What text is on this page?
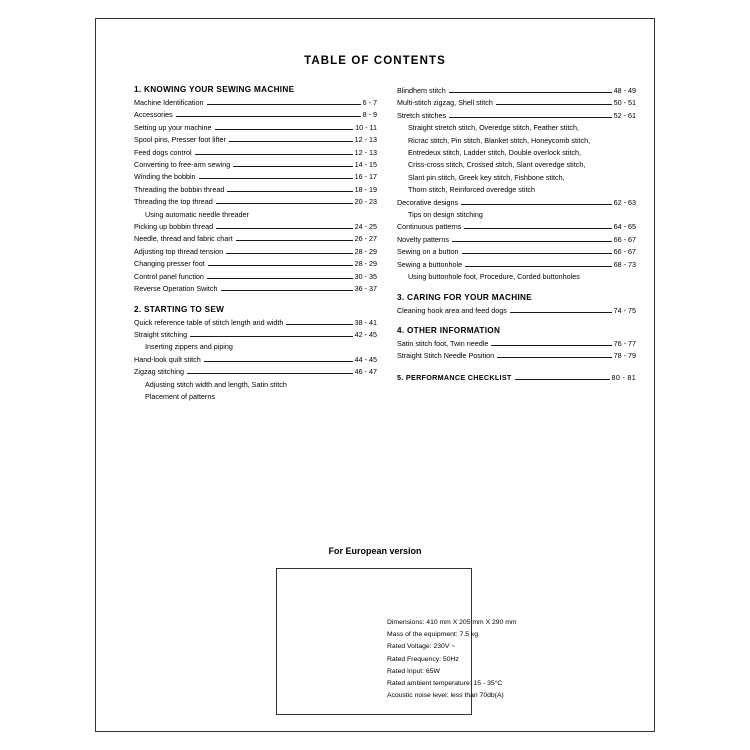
TABLE OF CONTENTS
1. KNOWING YOUR SEWING MACHINE
Machine Identification	6 - 7
Accessories	8 - 9
Setting up your machine	10 - 11
Spool pins, Presser foot lifter	12 - 13
Feed dogs control	12 - 13
Converting to free-arm sewing	14 - 15
Winding the bobbin	16 - 17
Threading the bobbin thread	18 - 19
Threading the top thread	20 - 23
Using automatic needle threader
Picking up bobbin thread	24 - 25
Needle, thread and fabric chart	26 - 27
Adjusting top thread tension	28 - 29
Changing presser foot	28 - 29
Control panel function	30 - 35
Reverse Operation Switch	36 - 37
2. STARTING TO SEW
Quick reference table of stitch length and width	38 - 41
Straight stitching	42 - 45
Inserting zippers and piping
Hand-look quilt stitch	44 - 45
Zigzag stitching	46 - 47
Adjusting stitch width and length, Satin stitch
Placement of patterns
Blindhem stitch	48 - 49
Multi-stitch zigzag, Shell stitch	50 - 51
Stretch stitches	52 - 61
Straight stretch stitch, Overedge stitch, Feather stitch,
Ricrac stitch, Pin stitch, Blanket stitch, Honeycomb stitch,
Entredeux stitch, Ladder stitch, Double overlock stitch,
Criss-cross stitch, Crossed stitch, Slant overedge stitch,
Slant pin stitch, Greek key stitch, Fishbone stitch,
Thorn stitch, Reinforced overedge stitch
Decorative designs	62 - 63
Tips on design stitching
Continuous patterns	64 - 65
Novelty patterns	66 - 67
Sewing on a button	66 - 67
Sewing a buttonhole	68 - 73
Using buttonhole foot, Procedure, Corded buttonholes
3. CARING FOR YOUR MACHINE
Cleaning hook area and feed dogs	74 - 75
4. OTHER INFORMATION
Satin stitch foot, Twin needle	76 - 77
Straight Stitch Needle Position	78 - 79
5. PERFORMANCE CHECKLIST	80 - 81
For European version
Dimensions: 410 mm X 205 mm X 290 mm
Mass of the equipment: 7.5 kg
Rated Voltage: 230V ~
Rated Frequency: 50Hz
Rated Input: 65W
Rated ambient temperature: 15 - 35°C
Acoustic noise level: less than 70db(A)
